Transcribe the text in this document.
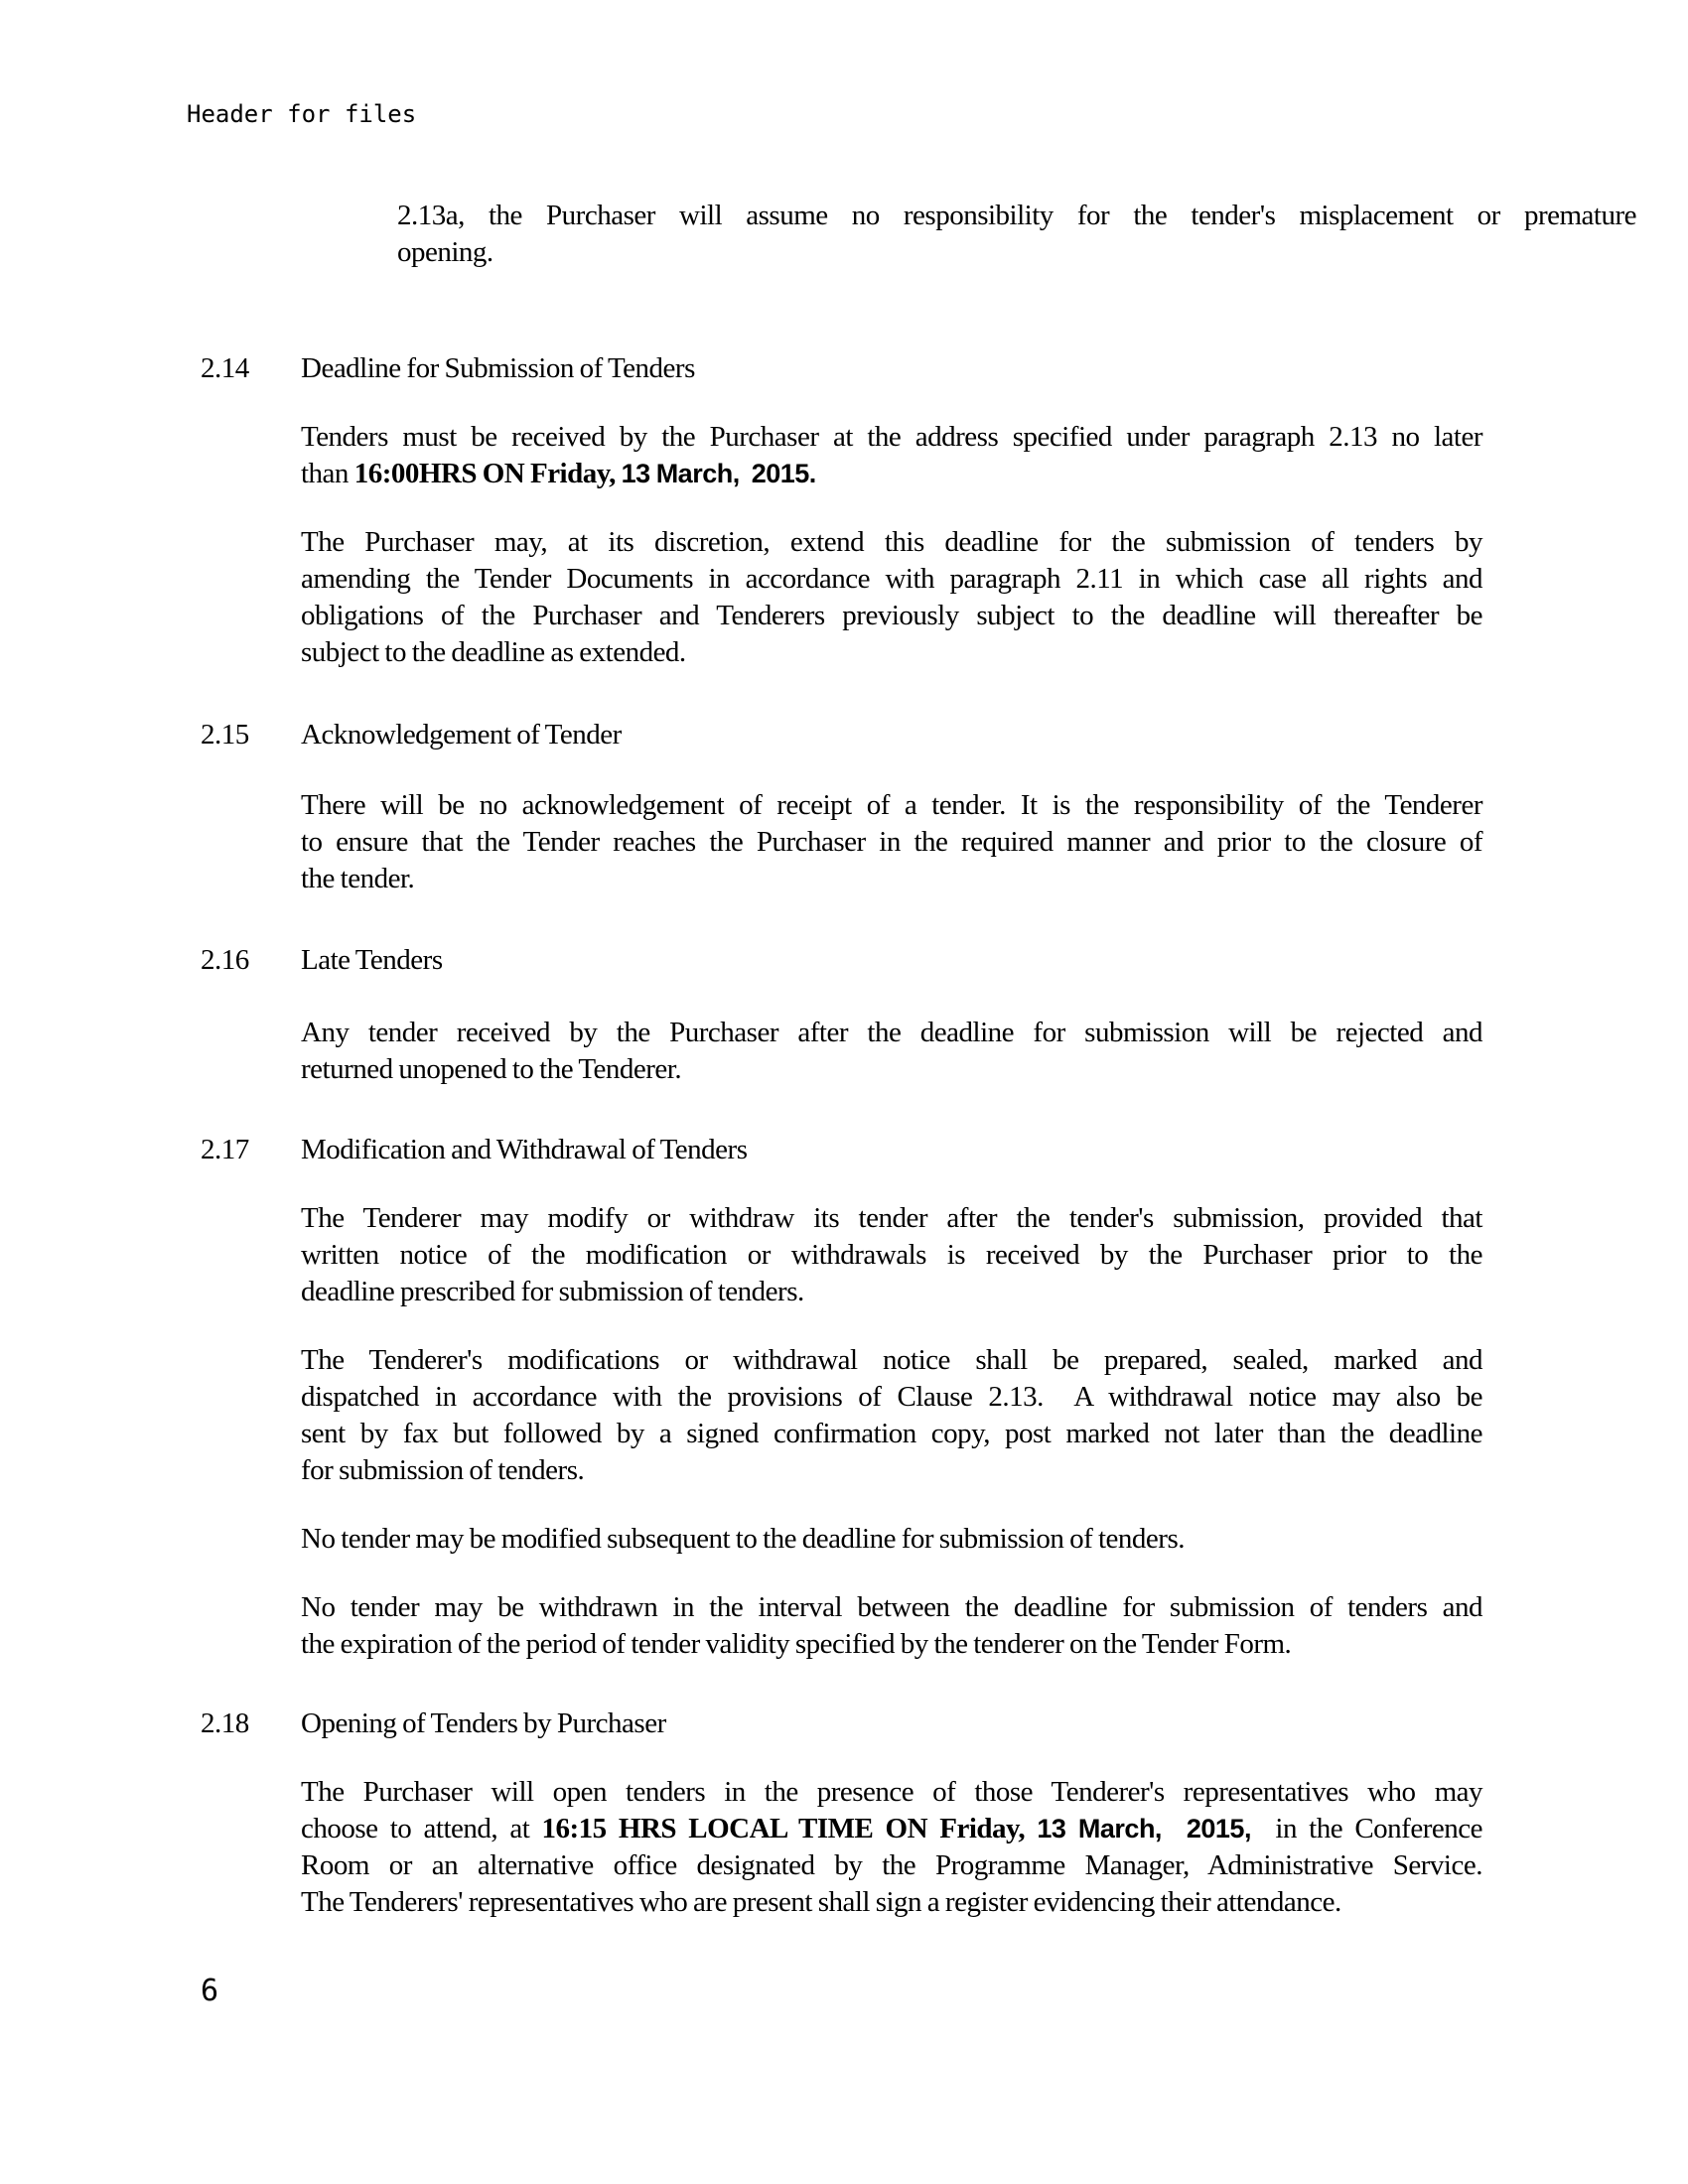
Header for files
2.13a, the Purchaser will assume no responsibility for the tender's misplacement or premature
opening.
2.14	Deadline for Submission of Tenders
Tenders must be received by the Purchaser at the address specified under paragraph 2.13 no later
than 16:00HRS ON Friday, 13 March,  2015.
The Purchaser may, at its discretion, extend this deadline for the submission of tenders by
amending the Tender Documents in accordance with paragraph 2.11 in which case all rights and
obligations of the Purchaser and Tenderers previously subject to the deadline will thereafter be
subject to the deadline as extended.
2.15	Acknowledgement of Tender
There will be no acknowledgement of receipt of a tender. It is the responsibility of the Tenderer
to ensure that the Tender reaches the Purchaser in the required manner and prior to the closure of
the tender.
2.16	Late Tenders
Any tender received by the Purchaser after the deadline for submission will be rejected and
returned unopened to the Tenderer.
2.17	Modification and Withdrawal of Tenders
The Tenderer may modify or withdraw its tender after the tender's submission, provided that
written notice of the modification or withdrawals is received by the Purchaser prior to the
deadline prescribed for submission of tenders.
The Tenderer's modifications or withdrawal notice shall be prepared, sealed, marked and
dispatched in accordance with the provisions of Clause 2.13.  A withdrawal notice may also be
sent by fax but followed by a signed confirmation copy, post marked not later than the deadline
for submission of tenders.
No tender may be modified subsequent to the deadline for submission of tenders.
No tender may be withdrawn in the interval between the deadline for submission of tenders and
the expiration of the period of tender validity specified by the tenderer on the Tender Form.
2.18	Opening of Tenders by Purchaser
The Purchaser will open tenders in the presence of those Tenderer's representatives who may
choose to attend, at 16:15 HRS LOCAL TIME ON Friday, 13 March,  2015,  in the Conference
Room or an alternative office designated by the Programme Manager, Administrative Service.
The Tenderers' representatives who are present shall sign a register evidencing their attendance.
6
